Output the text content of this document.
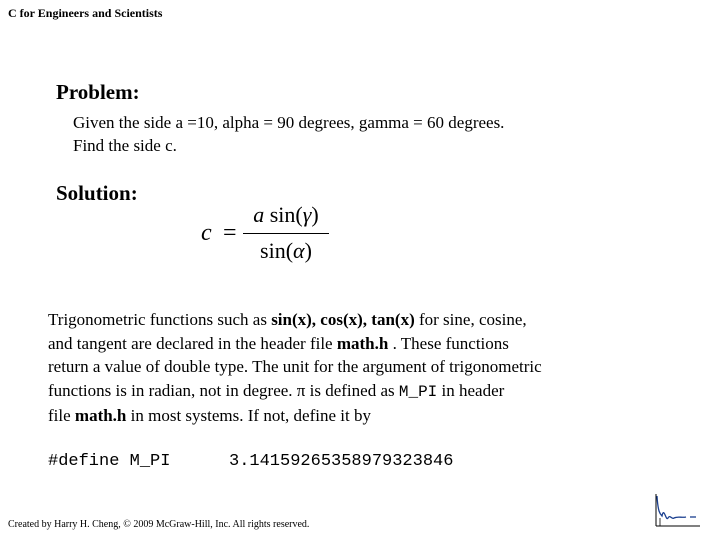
C for Engineers and Scientists
Problem:
Given the side a =10, alpha = 90 degrees, gamma = 60 degrees.
Find the side c.
Solution:
c =
a sin(γ)
sin(α)
Trigonometric functions such as sin(x), cos(x), tan(x) for sine, cosine,
and tangent are declared in the header file math.h . These functions
return a value of double type. The unit for the argument of trigonometric
functions is in radian, not in degree. π is defined as M_PI in header
file math.h in most systems. If not, define it by
#define M_PI	3.14159265358979323846
Created by Harry H. Cheng, © 2009 McGraw-Hill, Inc. All rights reserved.
